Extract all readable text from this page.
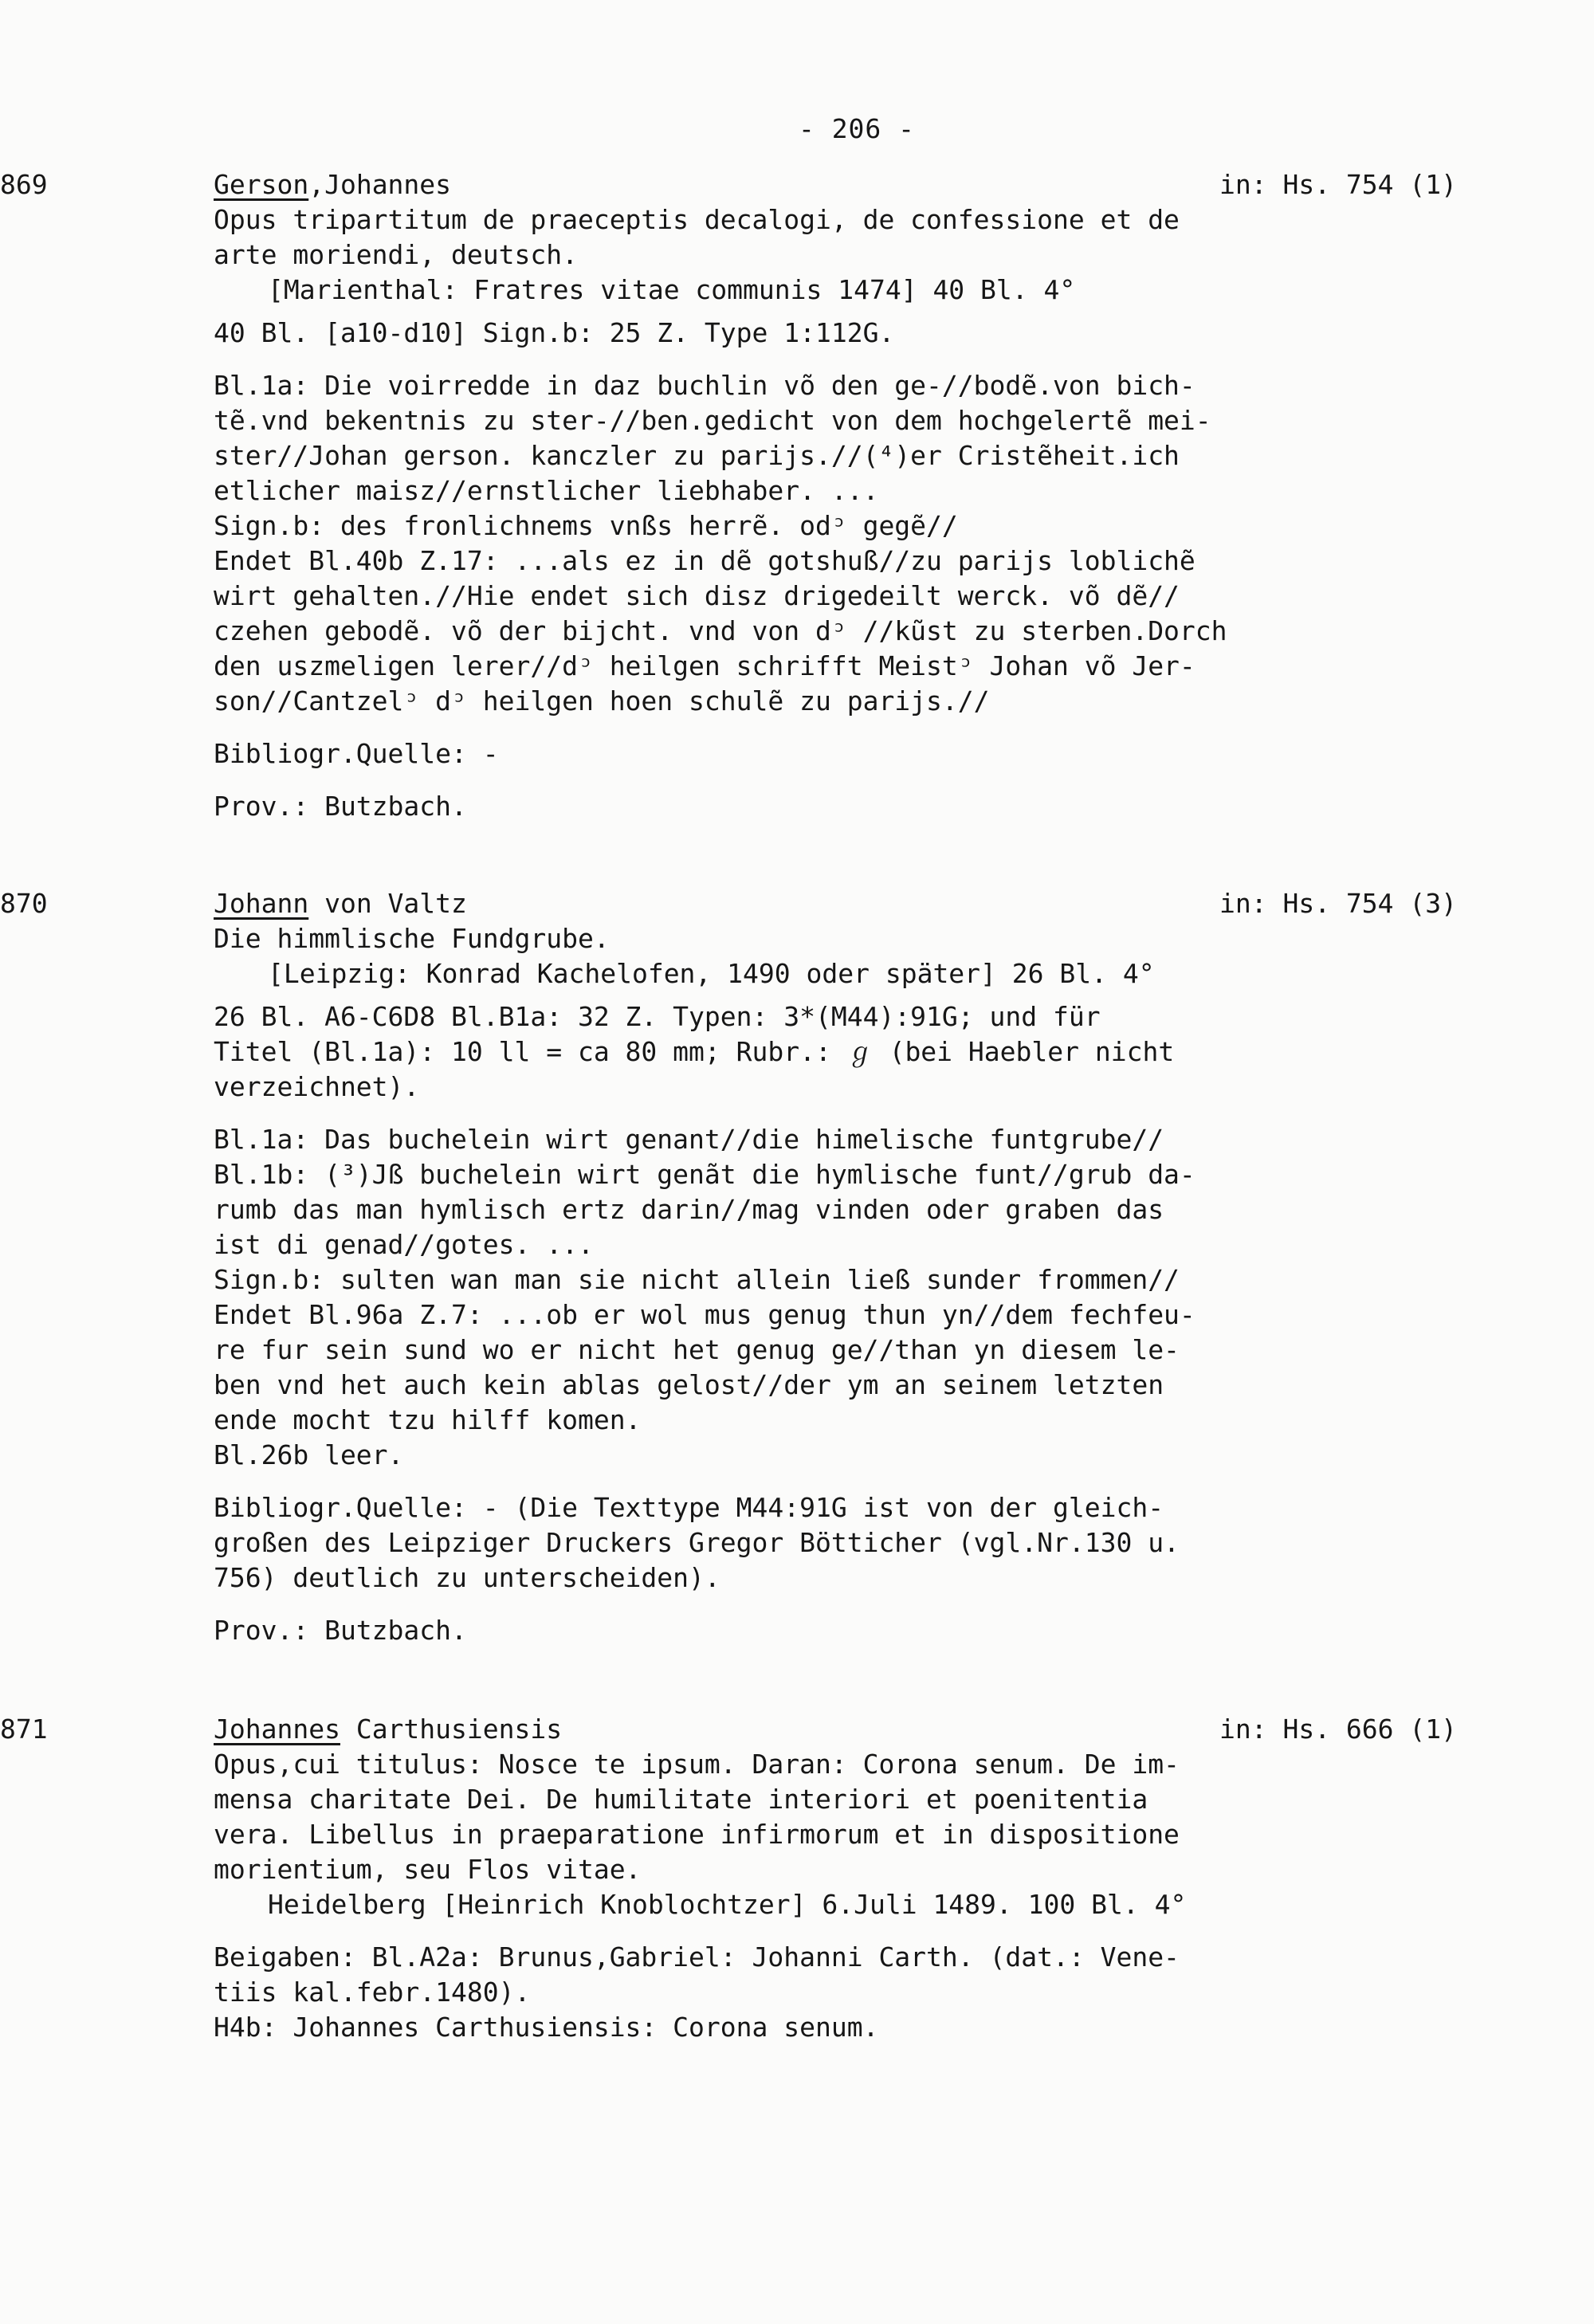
- 206 -
869	Gerson,Johannes	in: Hs. 754 (1)
Opus tripartitum de praeceptis decalogi, de confessione et de
arte moriendi, deutsch.
[Marienthal: Fratres vitae communis 1474] 40 Bl. 4°
40 Bl. [a10-d10] Sign.b: 25 Z. Type 1:112G.
Bl.1a: Die voirredde in daz buchlin võ den ge-//bodẽ.von bich-
tẽ.vnd bekentnis zu ster-//ben.gedicht von dem hochgelertẽ mei-
ster//Johan gerson. kanczler zu parijs.//(⁴)er Cristẽheit.ich
etlicher maisz//ernstlicher liebhaber. ...
Sign.b: des fronlichnems vnßs herrẽ. odᵓ gegẽ//
Endet Bl.40b Z.17: ...als ez in dẽ gotshuß//zu parijs loblichẽ
wirt gehalten.//Hie endet sich disz drigedeilt werck. võ dẽ//
czehen gebodẽ. võ der bijcht. vnd von dᵓ //kũst zu sterben.Dorch
den uszmeligen lerer//dᵓ heilgen schrifft Meistᵓ Johan võ Jer-
son//Cantzelᵓ dᵓ heilgen hoen schulẽ zu parijs.//
Bibliogr.Quelle: -
Prov.: Butzbach.
870	Johann von Valtz	in: Hs. 754 (3)
Die himmlische Fundgrube.
[Leipzig: Konrad Kachelofen, 1490 oder später] 26 Bl. 4°
26 Bl. A6-C6D8 Bl.B1a: 32 Z. Typen: 3*(M44):91G; und für
Titel (Bl.1a): 10 ll = ca 80 mm; Rubr.: ℊ (bei Haebler nicht
verzeichnet).
Bl.1a: Das buchelein wirt genant//die himelische funtgrube//
Bl.1b: (³)Jß buchelein wirt genãt die hymlische funt//grub da-
rumb das man hymlisch ertz darin//mag vinden oder graben das
ist di genad//gotes. ...
Sign.b: sulten wan man sie nicht allein ließ sunder frommen//
Endet Bl.96a Z.7: ...ob er wol mus genug thun yn//dem fechfeu-
re fur sein sund wo er nicht het genug ge//than yn diesem le-
ben vnd het auch kein ablas gelost//der ym an seinem letzten
ende mocht tzu hilff komen.
Bl.26b leer.
Bibliogr.Quelle: - (Die Texttype M44:91G ist von der gleich-
großen des Leipziger Druckers Gregor Bötticher (vgl.Nr.130 u.
756) deutlich zu unterscheiden).
Prov.: Butzbach.
871	Johannes Carthusiensis	in: Hs. 666 (1)
Opus,cui titulus: Nosce te ipsum. Daran: Corona senum. De im-
mensa charitate Dei. De humilitate interiori et poenitentia
vera. Libellus in praeparatione infirmorum et in dispositione
morientium, seu Flos vitae.
Heidelberg [Heinrich Knoblochtzer] 6.Juli 1489. 100 Bl. 4°
Beigaben: Bl.A2a: Brunus,Gabriel: Johanni Carth. (dat.: Vene-
tiis kal.febr.1480).
H4b: Johannes Carthusiensis: Corona senum.
